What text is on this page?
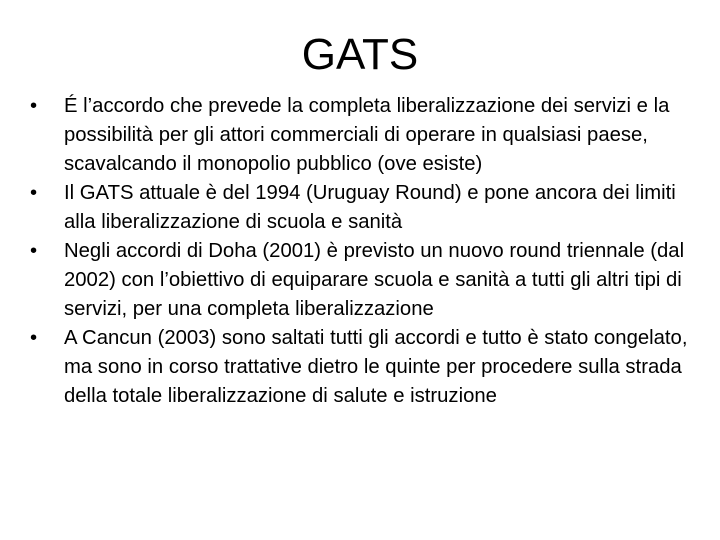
GATS
•	É l’accordo che prevede la completa liberalizzazione dei servizi e la possibilità per gli attori commerciali di operare in qualsiasi paese, scavalcando il monopolio pubblico (ove esiste)
•	Il GATS attuale è del 1994 (Uruguay Round) e pone ancora dei limiti alla liberalizzazione di scuola e sanità
•	Negli accordi di Doha (2001) è previsto un nuovo round triennale (dal 2002) con l’obiettivo di equiparare scuola e sanità a tutti gli altri tipi di servizi, per una completa liberalizzazione
•	A Cancun (2003) sono saltati tutti gli accordi e tutto è stato congelato, ma sono in corso trattative dietro le quinte per procedere sulla strada della totale liberalizzazione di salute e istruzione
